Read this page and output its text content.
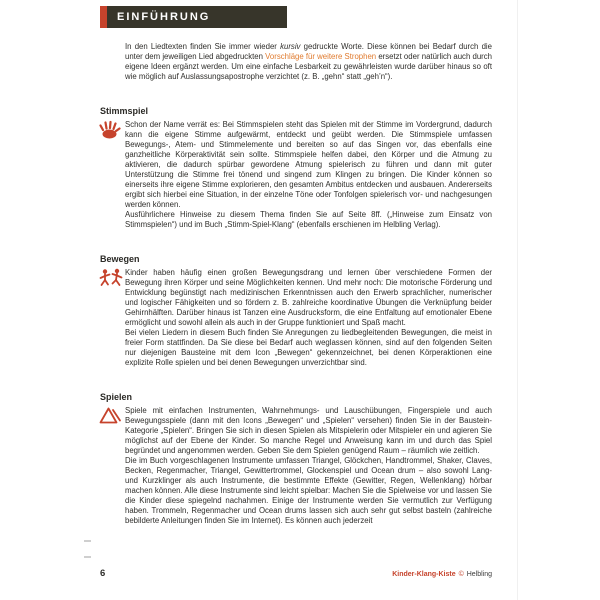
EINFÜHRUNG

In den Liedtexten finden Sie immer wieder kursiv gedruckte Worte. Diese können bei Bedarf durch die unter dem jeweiligen Lied abgedruckten Vorschläge für weitere Strophen ersetzt oder natürlich auch durch eigene Ideen ergänzt werden. Um eine einfache Lesbarkeit zu gewährleisten wurde darüber hinaus so oft wie möglich auf Auslassungsapostrophe verzichtet (z. B. „gehn“ statt „geh’n“).

Stimmspiel

Schon der Name verrät es: Bei Stimmspielen steht das Spielen mit der Stimme im Vordergrund, dadurch kann die eigene Stimme aufgewärmt, entdeckt und geübt werden. Die Stimmspiele umfassen Bewegungs-, Atem- und Stimmelemente und bereiten so auf das Singen vor, das ebenfalls eine ganzheitliche Körperaktivität sein sollte. Stimmspiele helfen dabei, den Körper und die Atmung zu aktivieren, die dadurch spürbar gewordene Atmung spielerisch zu führen und dann mit guter Unterstützung die Stimme frei tönend und singend zum Klingen zu bringen. Die Kinder können so einerseits ihre eigene Stimme explorieren, den gesamten Ambitus entdecken und ausbauen. Andererseits ergibt sich hierbei eine Situation, in der einzelne Töne oder Tonfolgen spielerisch vor- und nachgesungen werden können.

Ausführlichere Hinweise zu diesem Thema finden Sie auf Seite 8ff. („Hinweise zum Einsatz von Stimmspielen“) und im Buch „Stimm-Spiel-Klang“ (ebenfalls erschienen im Helbling Verlag).

Bewegen

Kinder haben häufig einen großen Bewegungsdrang und lernen über verschiedene Formen der Bewegung ihren Körper und seine Möglichkeiten kennen. Und mehr noch: Die motorische Förderung und Entwicklung begünstigt nach medizinischen Erkenntnissen auch den Erwerb sprachlicher, numerischer und logischer Fähigkeiten und so fördern z. B. zahlreiche koordinative Übungen die Verknüpfung beider Gehirnhälften. Darüber hinaus ist Tanzen eine Ausdrucksform, die eine Entfaltung auf emotionaler Ebene ermöglicht und sowohl allein als auch in der Gruppe funktioniert und Spaß macht.

Bei vielen Liedern in diesem Buch finden Sie Anregungen zu liedbegleitenden Bewegungen, die meist in freier Form stattfinden. Da Sie diese bei Bedarf auch weglassen können, sind auf den folgenden Seiten nur diejenigen Bausteine mit dem Icon „Bewegen“ gekennzeichnet, bei denen Körperaktionen eine explizite Rolle spielen und bei denen Bewegungen unverzichtbar sind.

Spielen

Spiele mit einfachen Instrumenten, Wahrnehmungs- und Lauschübungen, Fingerspiele und auch Bewegungsspiele (dann mit den Icons „Bewegen“ und „Spielen“ versehen) finden Sie in der Baustein-Kategorie „Spielen“. Bringen Sie sich in diesen Spielen als Mitspielerin oder Mitspieler ein und agieren Sie möglichst auf der Ebene der Kinder. So manche Regel und Anweisung kann im und durch das Spiel begründet und angenommen werden. Geben Sie dem Spielen genügend Raum – räumlich wie zeitlich.

Die im Buch vorgeschlagenen Instrumente umfassen Triangel, Glöckchen, Handtrommel, Shaker, Claves, Becken, Regenmacher, Triangel, Gewittertrommel, Glockenspiel und Ocean drum – also sowohl Lang- und Kurzklinger als auch Instrumente, die bestimmte Effekte (Gewitter, Regen, Wellenklang) hörbar machen können. Alle diese Instrumente sind leicht spielbar: Machen Sie die Spielweise vor und lassen Sie die Kinder diese spiegelnd nachahmen. Einige der Instrumente werden Sie vermutlich zur Verfügung haben. Trommeln, Regenmacher und Ocean drums lassen sich auch sehr gut selbst basteln (zahlreiche bebilderte Anleitungen finden Sie im Internet). Es können auch jederzeit

6	Kinder-Klang-Kiste © Helbling
